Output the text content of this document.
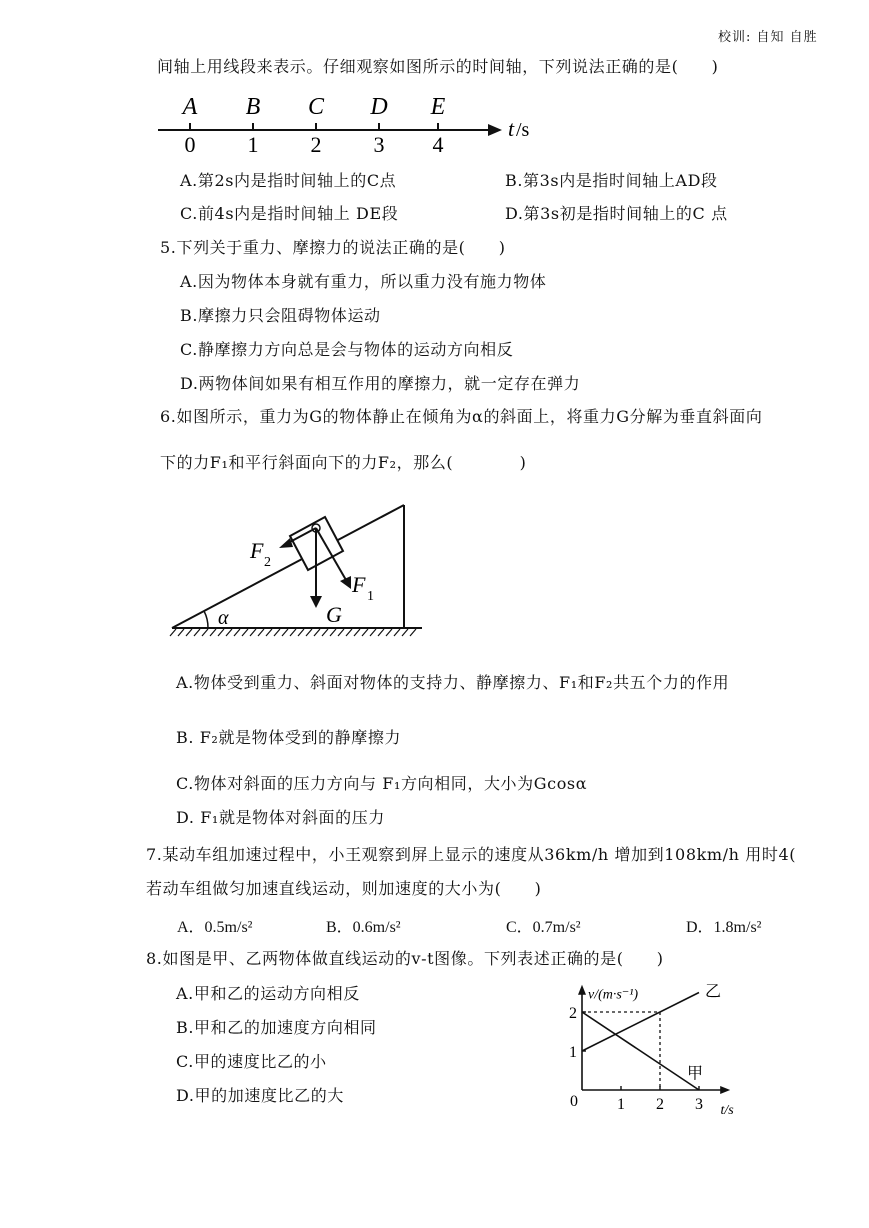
校训: 自知 自胜
间轴上用线段来表示。仔细观察如图所示的时间轴，下列说法正确的是(　　)
0
A
1
B
2
C
3
D
4
E
t /s
A.第2s内是指时间轴上的C点	B.第3s内是指时间轴上AD段
C.前4s内是指时间轴上 DE段	D.第3s初是指时间轴上的C 点
5.下列关于重力、摩擦力的说法正确的是(　　)
A.因为物体本身就有重力，所以重力没有施力物体
B.摩擦力只会阻碍物体运动
C.静摩擦力方向总是会与物体的运动方向相反
D.两物体间如果有相互作用的摩擦力，就一定存在弹力
6.如图所示，重力为G的物体静止在倾角为α的斜面上，将重力G分解为垂直斜面向
下的力F₁和平行斜面向下的力F₂，那么(　　　　)
α
F 2
F 1
G
A.物体受到重力、斜面对物体的支持力、静摩擦力、F₁和F₂共五个力的作用
B. F₂就是物体受到的静摩擦力
C.物体对斜面的压力方向与 F₁方向相同，大小为Gcosα
D. F₁就是物体对斜面的压力
7.某动车组加速过程中，小王观察到屏上显示的速度从36km/h 增加到108km/h 用时4(
若动车组做匀加速直线运动，则加速度的大小为(　　)
A．0.5m/s²	B．0.6m/s²	C．0.7m/s²	D．1.8m/s²
8.如图是甲、乙两物体做直线运动的v-t图像。下列表述正确的是(　　)
A.甲和乙的运动方向相反
B.甲和乙的加速度方向相同
C.甲的速度比乙的小
D.甲的加速度比乙的大	0 1 2 3
1
2
甲
乙
v/(m·s⁻¹)
t/s
